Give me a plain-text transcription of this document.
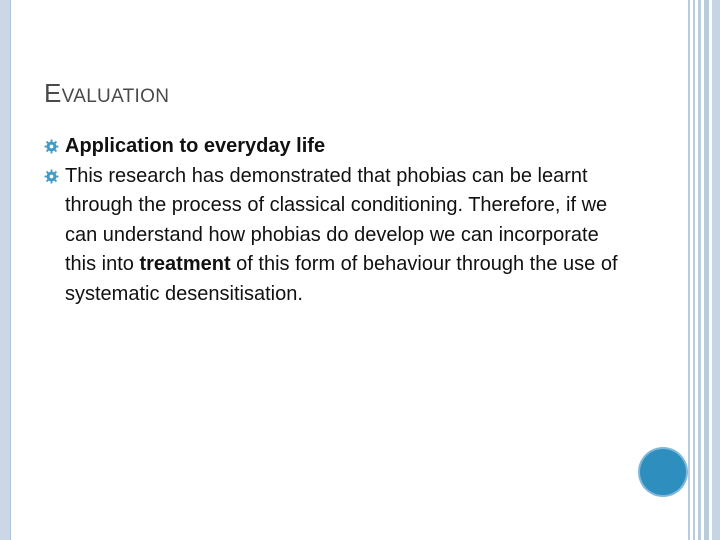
EVALUATION
Application to everyday life
This research has demonstrated that phobias can be learnt through the process of classical conditioning. Therefore, if we can understand how phobias do develop we can incorporate this into treatment of this form of behaviour through the use of systematic desensitisation.
